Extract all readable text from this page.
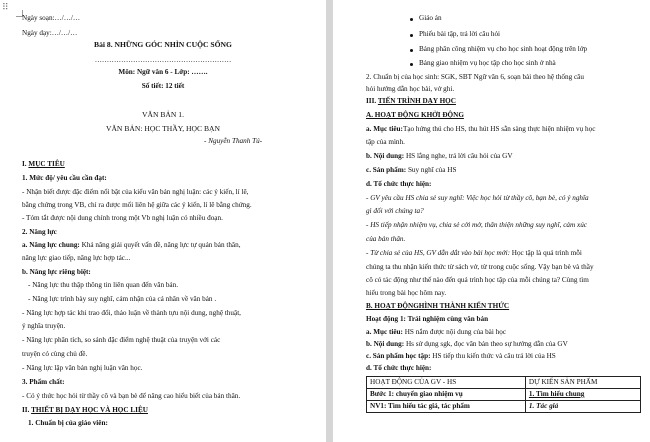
⠿
Ngày soạn:…/…/…
Ngày dạy:…/…/…
Bài 8. NHỮNG GÓC NHÌN CUỘC SỐNG
…………………………………………………
Môn: Ngữ văn 6 - Lớp: …….
Số tiết: 12 tiết
VĂN BẢN 1.
VĂN BẢN: HỌC THẦY, HỌC BẠN
- Nguyễn Thanh Tú-
I. MỤC TIÊU
1. Mức độ/ yêu cầu cần đạt:
- Nhận biết được đặc điểm nổi bật của kiểu văn bản nghị luận: các ý kiến, lí lẽ,
bằng chứng trong VB, chỉ ra được mối liên hệ giữa các ý kiến, lí lẽ bằng chứng.
- Tóm tắt được nội dung chính trong một Vb nghị luận có nhiều đoạn.
2. Năng lực
a. Năng lực chung: Khả năng giải quyết vấn đề, năng lực tự quản bản thân,
năng lực giao tiếp, năng lực hợp tác...
b. Năng lực riêng biệt:
- Năng lực thu thập thông tin liên quan đến văn bản.
- Năng lực trình bày suy nghĩ, cảm nhận của cá nhân về văn bản .
- Năng lực hợp tác khi trao đổi, thảo luận về thành tựu nội dung, nghệ thuật,
ý nghĩa truyện.
- Năng lực phân tích, so sánh đặc điểm nghệ thuật của truyện với các
truyện có cùng chủ đề.
- Năng lực lập văn bản nghị luận văn học.
3. Phẩm chất:
- Có ý thức học hỏi từ thầy cô và bạn bè để nâng cao hiểu biết của bản thân.
II. THIẾT BỊ DẠY HỌC VÀ HỌC LIỆU
1. Chuẩn bị của giáo viên:
Giáo án
Phiếu bài tập, trả lời câu hỏi
Bảng phân công nhiệm vụ cho học sinh hoạt động trên lớp
Bảng giao nhiệm vụ học tập cho học sinh ở nhà
2. Chuẩn bị của học sinh: SGK, SBT Ngữ văn 6, soạn bài theo hệ thống câu
hỏi hướng dẫn học bài, vở ghi.
III. TIẾN TRÌNH DẠY HỌC
A. HOẠT ĐỘNG KHỞI ĐỘNG
a. Mục tiêu:Tạo hứng thú cho HS, thu hút HS sẵn sàng thực hiện nhiệm vụ học
tập của mình.
b. Nội dung: HS lắng nghe, trả lời câu hỏi của GV
c. Sản phẩm: Suy nghĩ của HS
d. Tổ chức thực hiện:
- GV yêu cầu HS chia sẻ suy nghĩ: Việc học hỏi từ thầy cô, bạn bè, có ý nghĩa
gì đối với chúng ta?
- HS tiếp nhận nhiệm vụ, chia sẻ cởi mở, thân thiện những suy nghĩ, cảm xúc
của bản thân.
- Từ chia sẻ của HS, GV dẫn dắt vào bài học mới: Học tập là quá trình mỗi
chúng ta thu nhận kiến thức từ sách vở, từ trong cuộc sống. Vậy bạn bè và thầy
cô có tác động như thế nào đến quá trình học tập của mỗi chúng ta? Cùng tìm
hiểu trong bài học hôm nay.
B. HOẠT ĐỘNGHÌNH THÀNH KIẾN THỨC
Hoạt động 1: Trải nghiệm cùng văn bản
a. Mục tiêu: HS nắm được nội dung của bài học
b. Nội dung: Hs sử dụng sgk, đọc văn bản theo sự hướng dẫn của GV
c. Sản phẩm học tập: HS tiếp thu kiến thức và câu trả lời của HS
d. Tổ chức thực hiện:
HOẠT ĐỘNG CỦA GV - HS	DỰ KIẾN SẢN PHẨM
Bước 1: chuyển giao nhiệm vụ	1. Tìm hiểu chung
NV1: Tìm hiểu tác giả, tác phẩm	1. Tác giả
